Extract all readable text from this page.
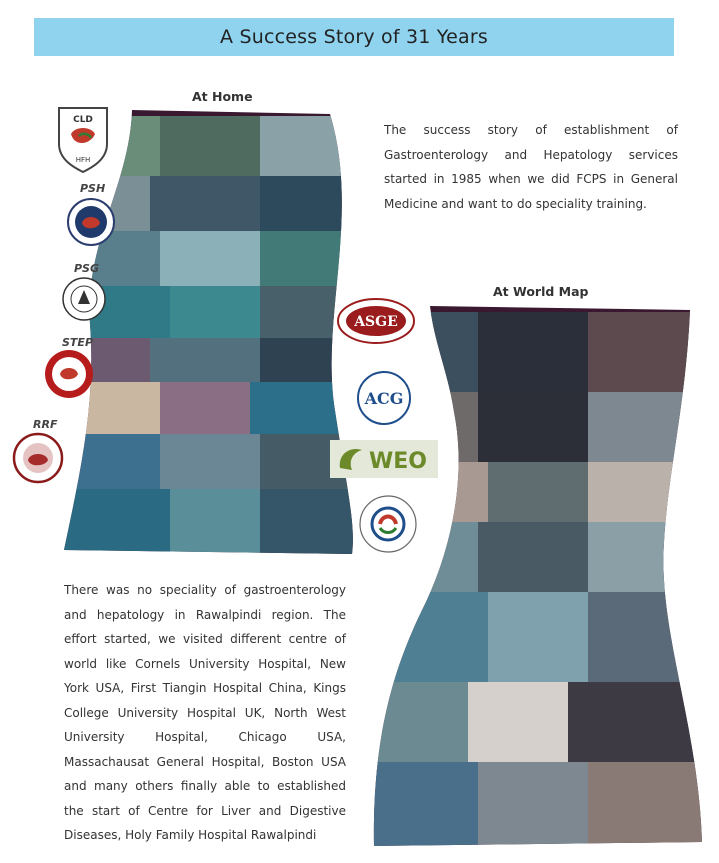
A Success Story of 31 Years
At Home
At World Map
The success story of establishment of Gastroenterology and Hepatology services started in 1985 when we did FCPS in General Medicine and want to do speciality training.
There was no speciality of gastroenterology and hepatology in Rawalpindi region. The effort started, we visited different centre of world like Cornels University Hospital, New York USA, First Tiangin Hospital China, Kings College University Hospital UK, North West University Hospital, Chicago USA, Massachausat General Hospital, Boston USA and many others finally able to established the start of Centre for Liver and Digestive Diseases, Holy Family Hospital Rawalpindi
CLD
HFH
PSH
PSG
STEP
RRF
ASGE
ACG
WEO
